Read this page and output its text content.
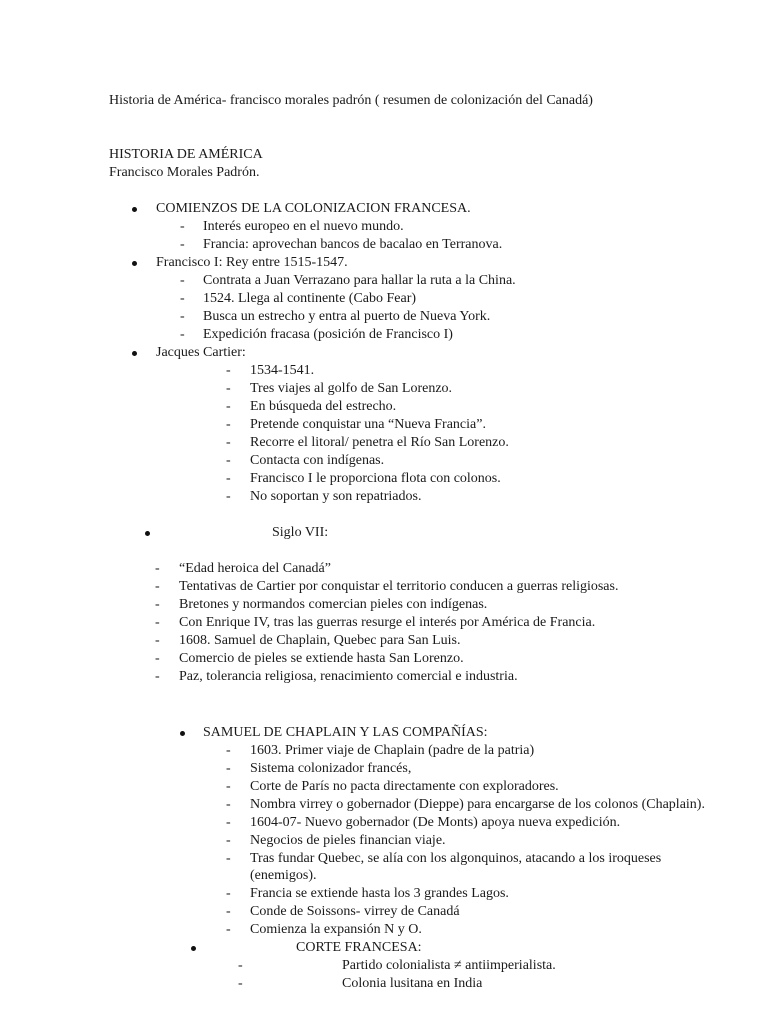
Historia de América- francisco morales padrón ( resumen de colonización del Canadá)
HISTORIA DE AMÉRICA
Francisco Morales Padrón.
COMIENZOS DE LA COLONIZACION FRANCESA.
- Interés europeo en el nuevo mundo.
- Francia: aprovechan bancos de bacalao en Terranova.
Francisco I: Rey entre 1515-1547.
- Contrata a Juan Verrazano para hallar la ruta a la China.
- 1524. Llega al continente (Cabo Fear)
- Busca un estrecho y entra al puerto de Nueva York.
- Expedición fracasa (posición de Francisco I)
Jacques Cartier:
- 1534-1541.
- Tres viajes al golfo de San Lorenzo.
- En búsqueda del estrecho.
- Pretende conquistar una “Nueva Francia”.
- Recorre el litoral/ penetra el Río San Lorenzo.
- Contacta con indígenas.
- Francisco I le proporciona flota con colonos.
- No soportan y son repatriados.
Siglo VII:
- “Edad heroica del Canadá”
- Tentativas de Cartier por conquistar el territorio conducen a guerras religiosas.
- Bretones y normandos comercian pieles con indígenas.
- Con Enrique IV, tras las guerras resurge el interés por América de Francia.
- 1608. Samuel de Chaplain, Quebec para San Luis.
- Comercio de pieles se extiende hasta San Lorenzo.
- Paz, tolerancia religiosa, renacimiento comercial e industria.
SAMUEL DE CHAPLAIN Y LAS COMPAÑÍAS:
- 1603. Primer viaje de Chaplain (padre de la patria)
- Sistema colonizador francés,
- Corte de París no pacta directamente con exploradores.
- Nombra virrey o gobernador (Dieppe) para encargarse de los colonos (Chaplain).
- 1604-07- Nuevo gobernador (De Monts) apoya nueva expedición.
- Negocios de pieles financian viaje.
- Tras fundar Quebec, se alía con los algonquinos, atacando a los iroqueses
(enemigos).
- Francia se extiende hasta los 3 grandes Lagos.
- Conde de Soissons- virrey de Canadá
- Comienza la expansión N y O.
CORTE FRANCESA:
-	Partido colonialista ≠ antiimperialista.
-	Colonia lusitana en India
